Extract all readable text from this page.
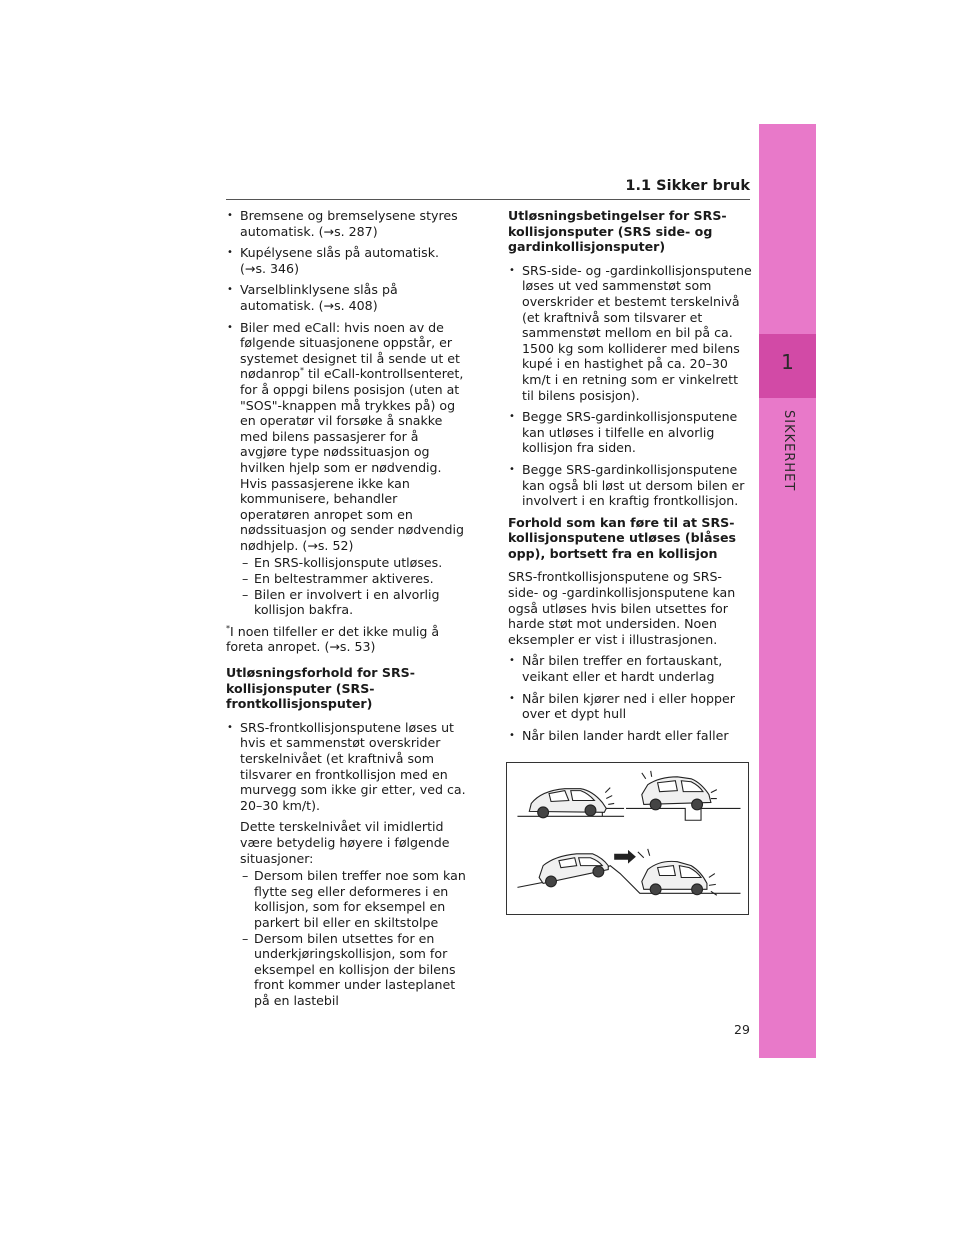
1
SIKKERHET
1.1 Sikker bruk
• Bremsene og bremselysene styres automatisk. (→s. 287)
• Kupélysene slås på automatisk. (→s. 346)
• Varselblinklysene slås på automatisk. (→s. 408)
• Biler med eCall: hvis noen av de følgende situasjonene oppstår, er systemet designet til å sende ut et nødanrop* til eCall-kontrollsenteret, for å oppgi bilens posisjon (uten at "SOS"-knappen må trykkes på) og en operatør vil forsøke å snakke med bilens passasjerer for å avgjøre type nødssituasjon og hvilken hjelp som er nødvendig. Hvis passasjerene ikke kan kommunisere, behandler operatøren anropet som en nødssituasjon og sender nødvendig nødhjelp. (→s. 52)
– En SRS-kollisjonspute utløses.
– En beltestrammer aktiveres.
– Bilen er involvert i en alvorlig kollisjon bakfra.

*I noen tilfeller er det ikke mulig å foreta anropet. (→s. 53)

Utløsningsforhold for SRS-kollisjonsputer (SRS-frontkollisjonsputer)

• SRS-frontkollisjonsputene løses ut hvis et sammenstøt overskrider terskelnivået (et kraftnivå som tilsvarer en frontkollisjon med en murvegg som ikke gir etter, ved ca. 20–30 km/t).
Dette terskelnivået vil imidlertid være betydelig høyere i følgende situasjoner:
– Dersom bilen treffer noe som kan flytte seg eller deformeres i en kollisjon, som for eksempel en parkert bil eller en skiltstolpe
– Dersom bilen utsettes for en underkjøringskollisjon, som for eksempel en kollisjon der bilens front kommer under lasteplanet på en lastebil

Utløsningsbetingelser for SRS-kollisjonsputer (SRS side- og gardinkollisjonsputer)

• SRS-side- og -gardinkollisjonsputene løses ut ved sammenstøt som overskrider et bestemt terskelnivå (et kraftnivå som tilsvarer et sammenstøt mellom en bil på ca. 1500 kg som kolliderer med bilens kupé i en hastighet på ca. 20–30 km/t i en retning som er vinkelrett til bilens posisjon).
• Begge SRS-gardinkollisjonsputene kan utløses i tilfelle en alvorlig kollisjon fra siden.
• Begge SRS-gardinkollisjonsputene kan også bli løst ut dersom bilen er involvert i en kraftig frontkollisjon.

Forhold som kan føre til at SRS-kollisjonsputene utløses (blåses opp), bortsett fra en kollisjon

SRS-frontkollisjonsputene og SRS-side- og -gardinkollisjonsputene kan også utløses hvis bilen utsettes for harde støt mot undersiden. Noen eksempler er vist i illustrasjonen.

• Når bilen treffer en fortauskant, veikant eller et hardt underlag
• Når bilen kjører ned i eller hopper over et dypt hull
• Når bilen lander hardt eller faller
29
